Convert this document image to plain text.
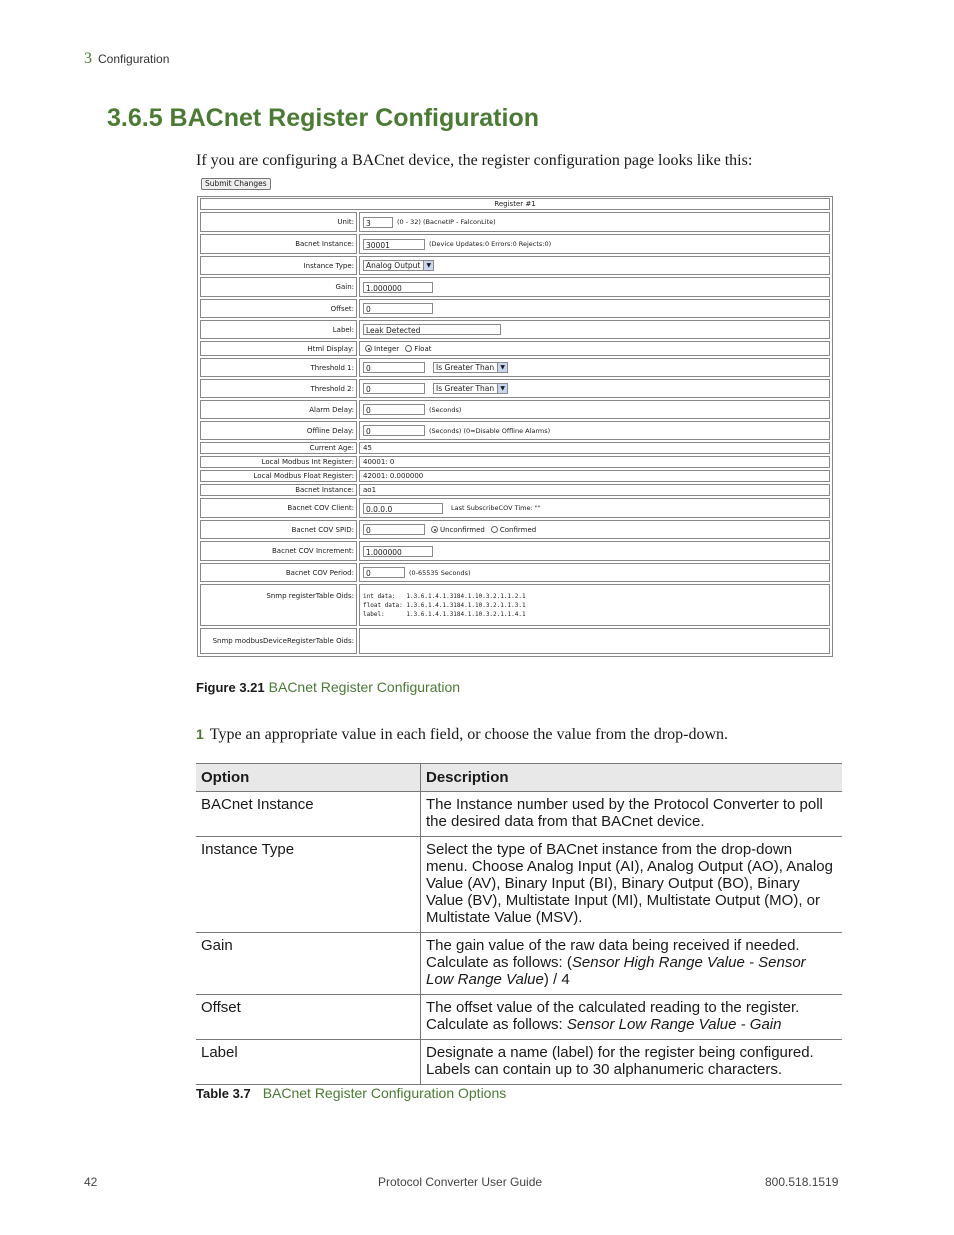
3 Configuration
3.6.5 BACnet Register Configuration
If you are configuring a BACnet device, the register configuration page looks like this:
Submit Changes
Register #1
Unit:	3	(0 - 32) (BacnetIP - FalconLite)
Bacnet Instance:	30001	(Device Updates:0 Errors:0 Rejects:0)
Instance Type:	Analog Output	▼
Gain:	1.000000
Offset:	0
Label:	Leak Detected
Html Display:	Integer Float
Threshold 1:	0	Is Greater Than	▼
Threshold 2:	0	Is Greater Than	▼
Alarm Delay:	0	(Seconds)
Offline Delay:	0	(Seconds) (0=Disable Offline Alarms)
Current Age:	45
Local Modbus Int Register:	40001: 0
Local Modbus Float Register:	42001: 0.000000
Bacnet Instance:	ao1
Bacnet COV Client:	0.0.0.0	Last SubscribeCOV Time: ""
Bacnet COV SPID:	0	Unconfirmed Confirmed
Bacnet COV Increment:	1.000000
Bacnet COV Period:	0	(0-65535 Seconds)
Snmp registerTable Oids:	int data:   1.3.6.1.4.1.3184.1.10.3.2.1.1.2.1
float data: 1.3.6.1.4.1.3184.1.10.3.2.1.1.3.1
label:      1.3.6.1.4.1.3184.1.10.3.2.1.1.4.1
Snmp modbusDeviceRegisterTable Oids:
Figure 3.21 BACnet Register Configuration
1 Type an appropriate value in each field, or choose the value from the drop-down.
Option	Description
BACnet Instance	The Instance number used by the Protocol Converter to poll the desired data from that BACnet device.
Instance Type	Select the type of BACnet instance from the drop-down menu. Choose Analog Input (AI), Analog Output (AO), Analog Value (AV), Binary Input (BI), Binary Output (BO), Binary Value (BV), Multistate Input (MI), Multistate Output (MO), or Multistate Value (MSV).
Gain	The gain value of the raw data being received if needed. Calculate as follows: (Sensor High Range Value - Sensor Low Range Value) / 4
Offset	The offset value of the calculated reading to the register. Calculate as follows: Sensor Low Range Value - Gain
Label	Designate a name (label) for the register being configured. Labels can contain up to 30 alphanumeric characters.
Table 3.7 BACnet Register Configuration Options
42	Protocol Converter User Guide	800.518.1519
